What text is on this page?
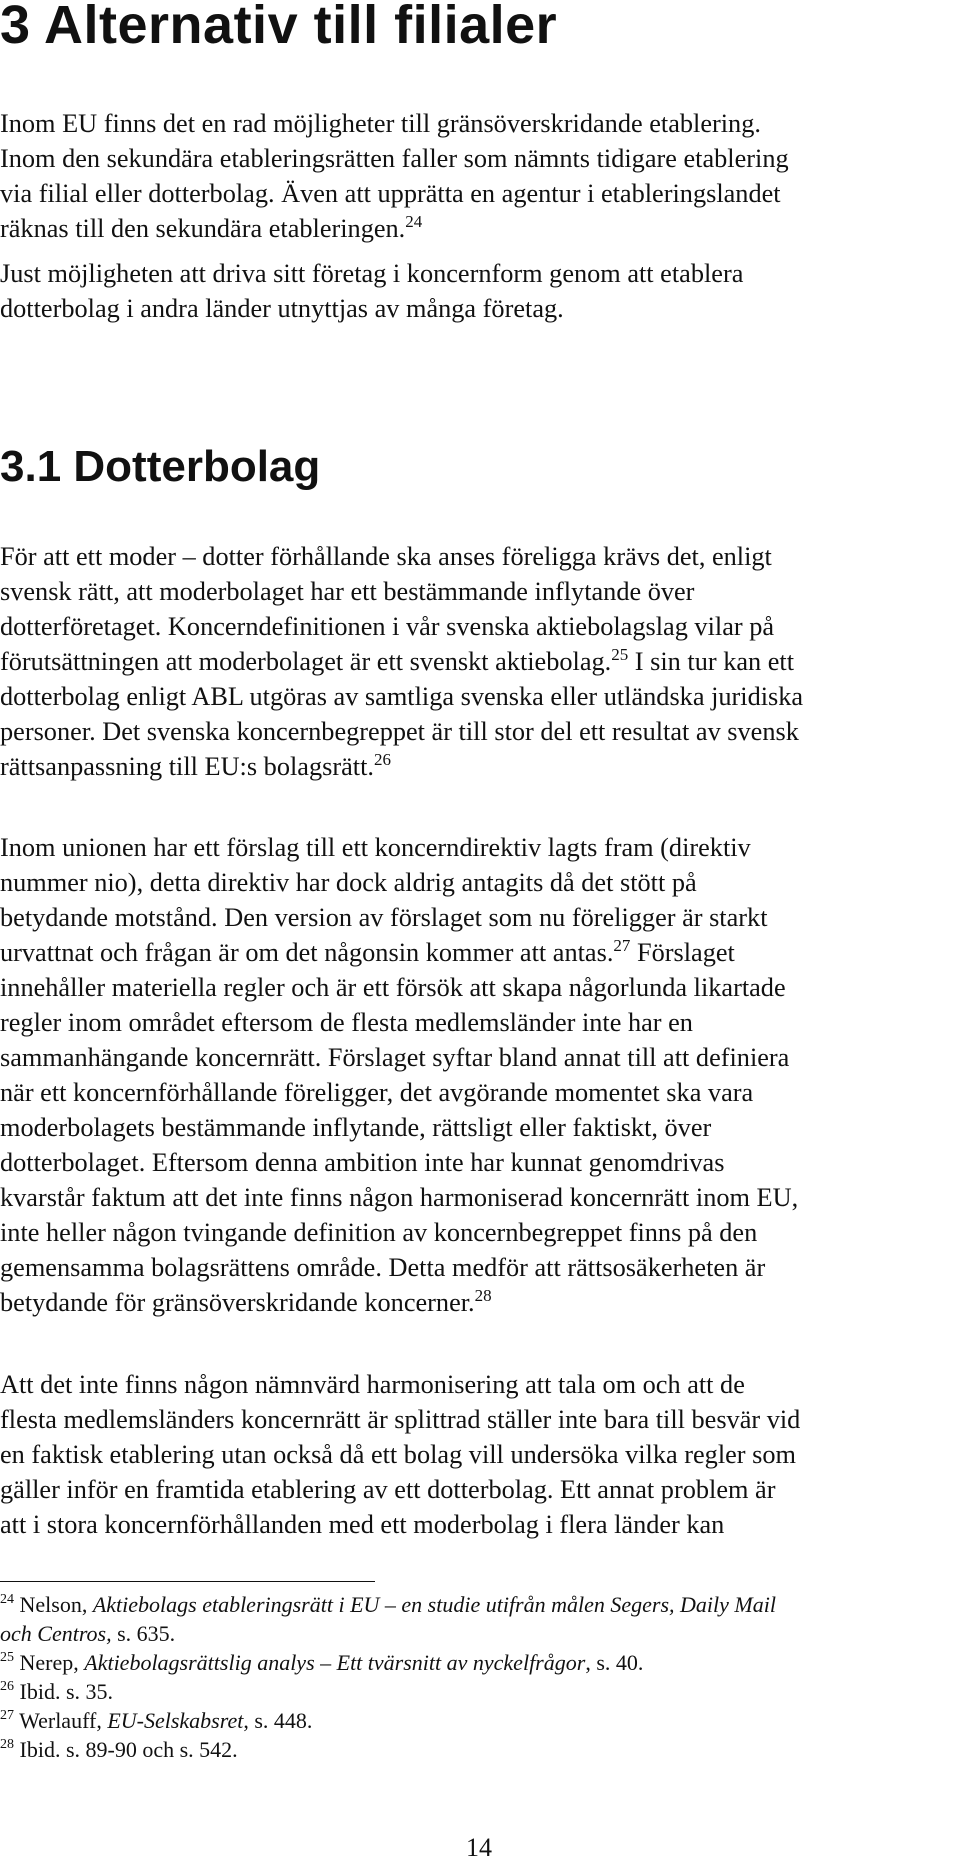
3 Alternativ till filialer
Inom EU finns det en rad möjligheter till gränsöverskridande etablering.
Inom den sekundära etableringsrätten faller som nämnts tidigare etablering
via filial eller dotterbolag. Även att upprätta en agentur i etableringslandet
räknas till den sekundära etableringen.$^{24}$
Just möjligheten att driva sitt företag i koncernform genom att etablera
dotterbolag i andra länder utnyttjas av många företag.
3.1 Dotterbolag
För att ett moder – dotter förhållande ska anses föreligga krävs det, enligt
svensk rätt, att moderbolaget har ett bestämmande inflytande över
dotterföretaget. Koncerndefinitionen i vår svenska aktiebolagslag vilar på
förutsättningen att moderbolaget är ett svenskt aktiebolag.$^{25}$ I sin tur kan ett
dotterbolag enligt ABL utgöras av samtliga svenska eller utländska juridiska
personer. Det svenska koncernbegreppet är till stor del ett resultat av svensk
rättsanpassning till EU:s bolagsrätt.$^{26}$
Inom unionen har ett förslag till ett koncerndirektiv lagts fram (direktiv
nummer nio), detta direktiv har dock aldrig antagits då det stött på
betydande motstånd. Den version av förslaget som nu föreligger är starkt
urvattnat och frågan är om det någonsin kommer att antas.$^{27}$ Förslaget
innehåller materiella regler och är ett försök att skapa någorlunda likartade
regler inom området eftersom de flesta medlemsländer inte har en
sammanhängande koncernrätt. Förslaget syftar bland annat till att definiera
när ett koncernförhållande föreligger, det avgörande momentet ska vara
moderbolagets bestämmande inflytande, rättsligt eller faktiskt, över
dotterbolaget. Eftersom denna ambition inte har kunnat genomdrivas
kvarstår faktum att det inte finns någon harmoniserad koncernrätt inom EU,
inte heller någon tvingande definition av koncernbegreppet finns på den
gemensamma bolagsrättens område. Detta medför att rättsosäkerheten är
betydande för gränsöverskridande koncerner.$^{28}$
Att det inte finns någon nämnvärd harmonisering att tala om och att de
flesta medlemsländers koncernrätt är splittrad ställer inte bara till besvär vid
en faktisk etablering utan också då ett bolag vill undersöka vilka regler som
gäller inför en framtida etablering av ett dotterbolag. Ett annat problem är
att i stora koncernförhållanden med ett moderbolag i flera länder kan
$^{24}$ Nelson, Aktiebolags etableringsrätt i EU – en studie utifrån målen Segers, Daily Mail
och Centros, s. 635.
$^{25}$ Nerep, Aktiebolagsrättslig analys – Ett tvärsnitt av nyckelfrågor, s. 40.
$^{26}$ Ibid. s. 35.
$^{27}$ Werlauff, EU-Selskabsret, s. 448.
$^{28}$ Ibid. s. 89-90 och s. 542.

14
